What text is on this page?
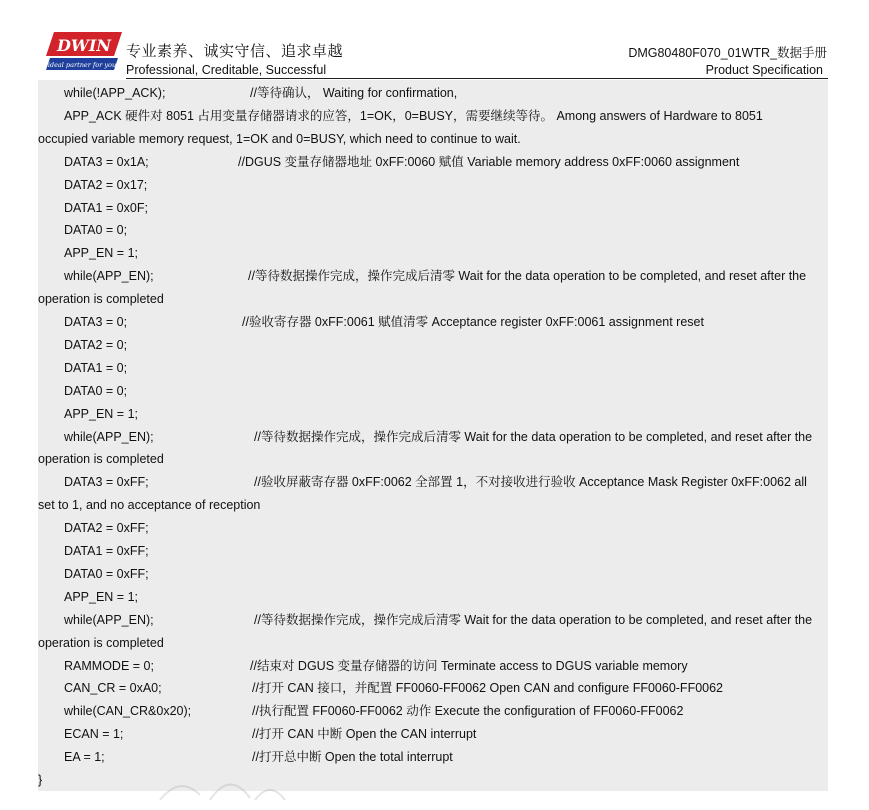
DWIN
ideal partner for you
专业素养、诚实守信、追求卓越
Professional, Creditable, Successful
DMG80480F070_01WTR_数据手册
Product Specification
while(!APP_ACK);	//等待确认， Waiting for confirmation,
APP_ACK 硬件对 8051 占用变量存储器请求的应答，1=OK，0=BUSY，需要继续等待。 Among answers of Hardware to 8051
occupied variable memory request, 1=OK and 0=BUSY, which need to continue to wait.
DATA3 = 0x1A;	//DGUS 变量存储器地址 0xFF:0060 赋值 Variable memory address 0xFF:0060 assignment
DATA2 = 0x17;
DATA1 = 0x0F;
DATA0 = 0;
APP_EN = 1;
while(APP_EN);	//等待数据操作完成，操作完成后清零 Wait for the data operation to be completed, and reset after the
operation is completed
DATA3 = 0;	//验收寄存器 0xFF:0061 赋值清零 Acceptance register 0xFF:0061 assignment reset
DATA2 = 0;
DATA1 = 0;
DATA0 = 0;
APP_EN = 1;
while(APP_EN);	//等待数据操作完成，操作完成后清零 Wait for the data operation to be completed, and reset after the
operation is completed
DATA3 = 0xFF;	//验收屏蔽寄存器 0xFF:0062 全部置 1，不对接收进行验收 Acceptance Mask Register 0xFF:0062 all
set to 1, and no acceptance of reception
DATA2 = 0xFF;
DATA1 = 0xFF;
DATA0 = 0xFF;
APP_EN = 1;
while(APP_EN);	//等待数据操作完成，操作完成后清零 Wait for the data operation to be completed, and reset after the
operation is completed
RAMMODE = 0;	//结束对 DGUS 变量存储器的访问 Terminate access to DGUS variable memory
CAN_CR = 0xA0;	//打开 CAN 接口，并配置 FF0060-FF0062 Open CAN and configure FF0060-FF0062
while(CAN_CR&0x20);	//执行配置 FF0060-FF0062 动作 Execute the configuration of FF0060-FF0062
ECAN = 1;	//打开 CAN 中断 Open the CAN interrupt
EA = 1;	//打开总中断 Open the total interrupt
}
